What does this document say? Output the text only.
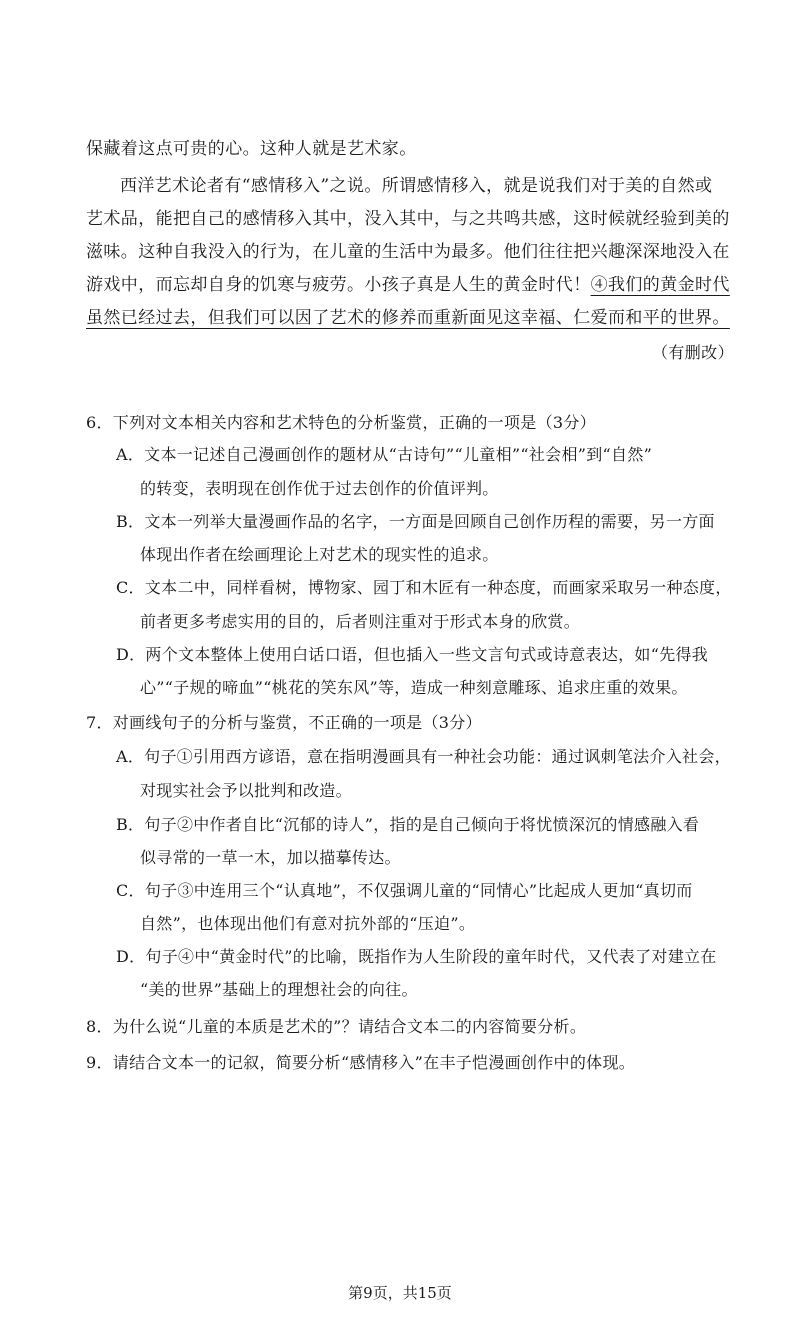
保藏着这点可贵的心。这种人就是艺术家。
西洋艺术论者有“感情移入”之说。所谓感情移入，就是说我们对于美的自然或
艺术品，能把自己的感情移入其中，没入其中，与之共鸣共感，这时候就经验到美的
滋味。这种自我没入的行为，在儿童的生活中为最多。他们往往把兴趣深深地没入在
游戏中，而忘却自身的饥寒与疲劳。小孩子真是人生的黄金时代！④我们的黄金时代
虽然已经过去，但我们可以因了艺术的修养而重新面见这幸福、仁爱而和平的世界。
（有删改）
6．下列对文本相关内容和艺术特色的分析鉴赏，正确的一项是（3分）
A．文本一记述自己漫画创作的题材从“古诗句”“儿童相”“社会相”到“自然”
的转变，表明现在创作优于过去创作的价值评判。
B．文本一列举大量漫画作品的名字，一方面是回顾自己创作历程的需要，另一方面
体现出作者在绘画理论上对艺术的现实性的追求。
C．文本二中，同样看树，博物家、园丁和木匠有一种态度，而画家采取另一种态度，
前者更多考虑实用的目的，后者则注重对于形式本身的欣赏。
D．两个文本整体上使用白话口语，但也插入一些文言句式或诗意表达，如“先得我
心”“子规的啼血”“桃花的笑东风”等，造成一种刻意雕琢、追求庄重的效果。
7．对画线句子的分析与鉴赏，不正确的一项是（3分）
A．句子①引用西方谚语，意在指明漫画具有一种社会功能：通过讽刺笔法介入社会，
对现实社会予以批判和改造。
B．句子②中作者自比“沉郁的诗人”，指的是自己倾向于将忧愤深沉的情感融入看
似寻常的一草一木，加以描摹传达。
C．句子③中连用三个“认真地”，不仅强调儿童的“同情心”比起成人更加“真切而
自然”，也体现出他们有意对抗外部的“压迫”。
D．句子④中“黄金时代”的比喻，既指作为人生阶段的童年时代，又代表了对建立在
“美的世界”基础上的理想社会的向往。
8．为什么说“儿童的本质是艺术的”？请结合文本二的内容简要分析。
9．请结合文本一的记叙，简要分析“感情移入”在丰子恺漫画创作中的体现。
第9页，共15页
